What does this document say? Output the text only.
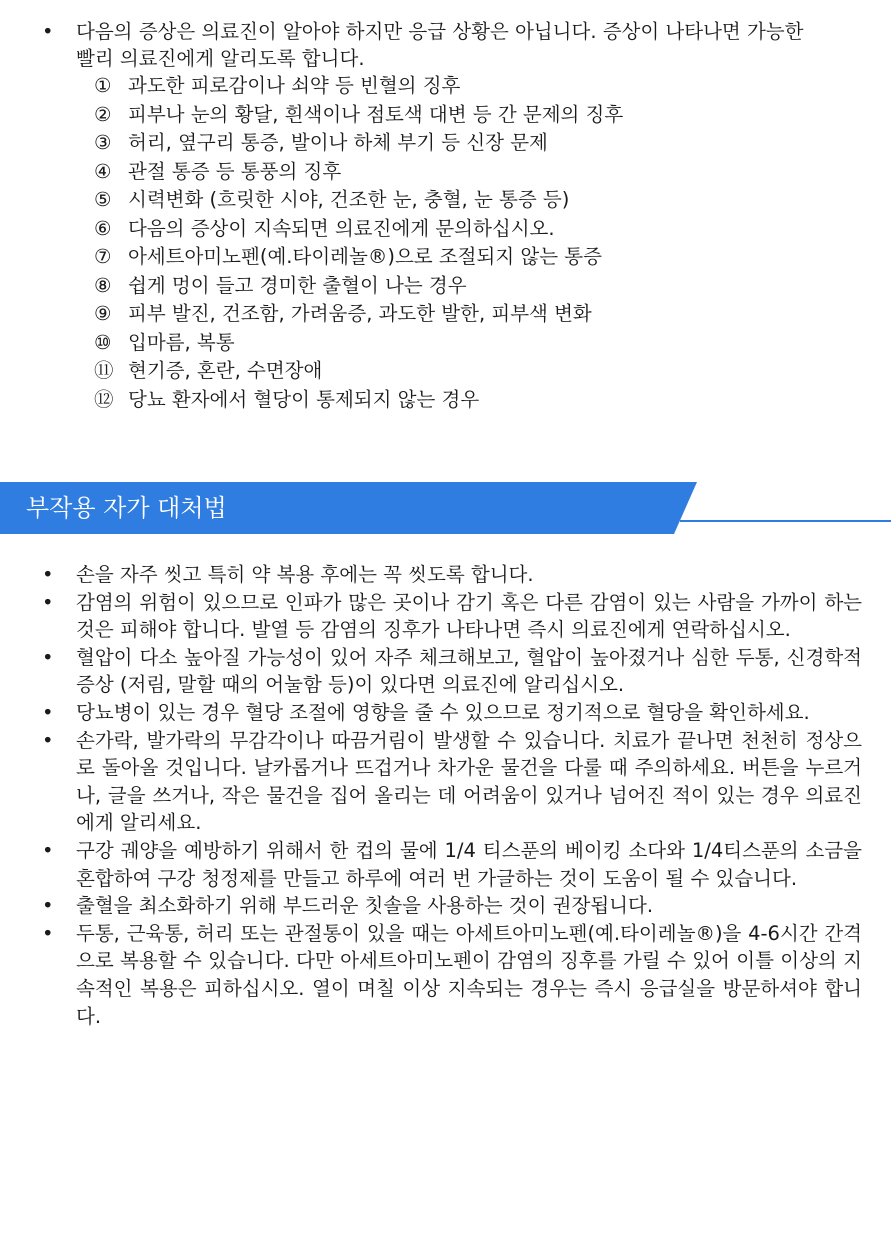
•	다음의 증상은 의료진이 알아야 하지만 응급 상황은 아닙니다. 증상이 나타나면 가능한
빨리 의료진에게 알리도록 합니다.
① 과도한 피로감이나 쇠약 등 빈혈의 징후
② 피부나 눈의 황달, 흰색이나 점토색 대변 등 간 문제의 징후
③ 허리, 옆구리 통증, 발이나 하체 부기 등 신장 문제
④ 관절 통증 등 통풍의 징후
⑤ 시력변화 (흐릿한 시야, 건조한 눈, 충혈, 눈 통증 등)
⑥ 다음의 증상이 지속되면 의료진에게 문의하십시오.
⑦ 아세트아미노펜(예.타이레놀®)으로 조절되지 않는 통증
⑧ 쉽게 멍이 들고 경미한 출혈이 나는 경우
⑨ 피부 발진, 건조함, 가려움증, 과도한 발한, 피부색 변화
⑩ 입마름, 복통
⑪ 현기증, 혼란, 수면장애
⑫ 당뇨 환자에서 혈당이 통제되지 않는 경우
부작용 자가 대처법
•	손을 자주 씻고 특히 약 복용 후에는 꼭 씻도록 합니다.
•	감염의 위험이 있으므로 인파가 많은 곳이나 감기 혹은 다른 감염이 있는 사람을 가까이 하는 것은 피해야 합니다. 발열 등 감염의 징후가 나타나면 즉시 의료진에게 연락하십시오.
•	혈압이 다소 높아질 가능성이 있어 자주 체크해보고, 혈압이 높아졌거나 심한 두통, 신경학적 증상 (저림, 말할 때의 어눌함 등)이 있다면 의료진에 알리십시오.
•	당뇨병이 있는 경우 혈당 조절에 영향을 줄 수 있으므로 정기적으로 혈당을 확인하세요.
•	손가락, 발가락의 무감각이나 따끔거림이 발생할 수 있습니다. 치료가 끝나면 천천히 정상으로 돌아올 것입니다. 날카롭거나 뜨겁거나 차가운 물건을 다룰 때 주의하세요. 버튼을 누르거나, 글을 쓰거나, 작은 물건을 집어 올리는 데 어려움이 있거나 넘어진 적이 있는 경우 의료진에게 알리세요.
•	구강 궤양을 예방하기 위해서 한 컵의 물에 1/4 티스푼의 베이킹 소다와 1/4티스푼의 소금을 혼합하여 구강 청정제를 만들고 하루에 여러 번 가글하는 것이 도움이 될 수 있습니다.
•	출혈을 최소화하기 위해 부드러운 칫솔을 사용하는 것이 권장됩니다.
•	두통, 근육통, 허리 또는 관절통이 있을 때는 아세트아미노펜(예.타이레놀®)을 4-6시간 간격으로 복용할 수 있습니다. 다만 아세트아미노펜이 감염의 징후를 가릴 수 있어 이틀 이상의 지속적인 복용은 피하십시오. 열이 며칠 이상 지속되는 경우는 즉시 응급실을 방문하셔야 합니다.
